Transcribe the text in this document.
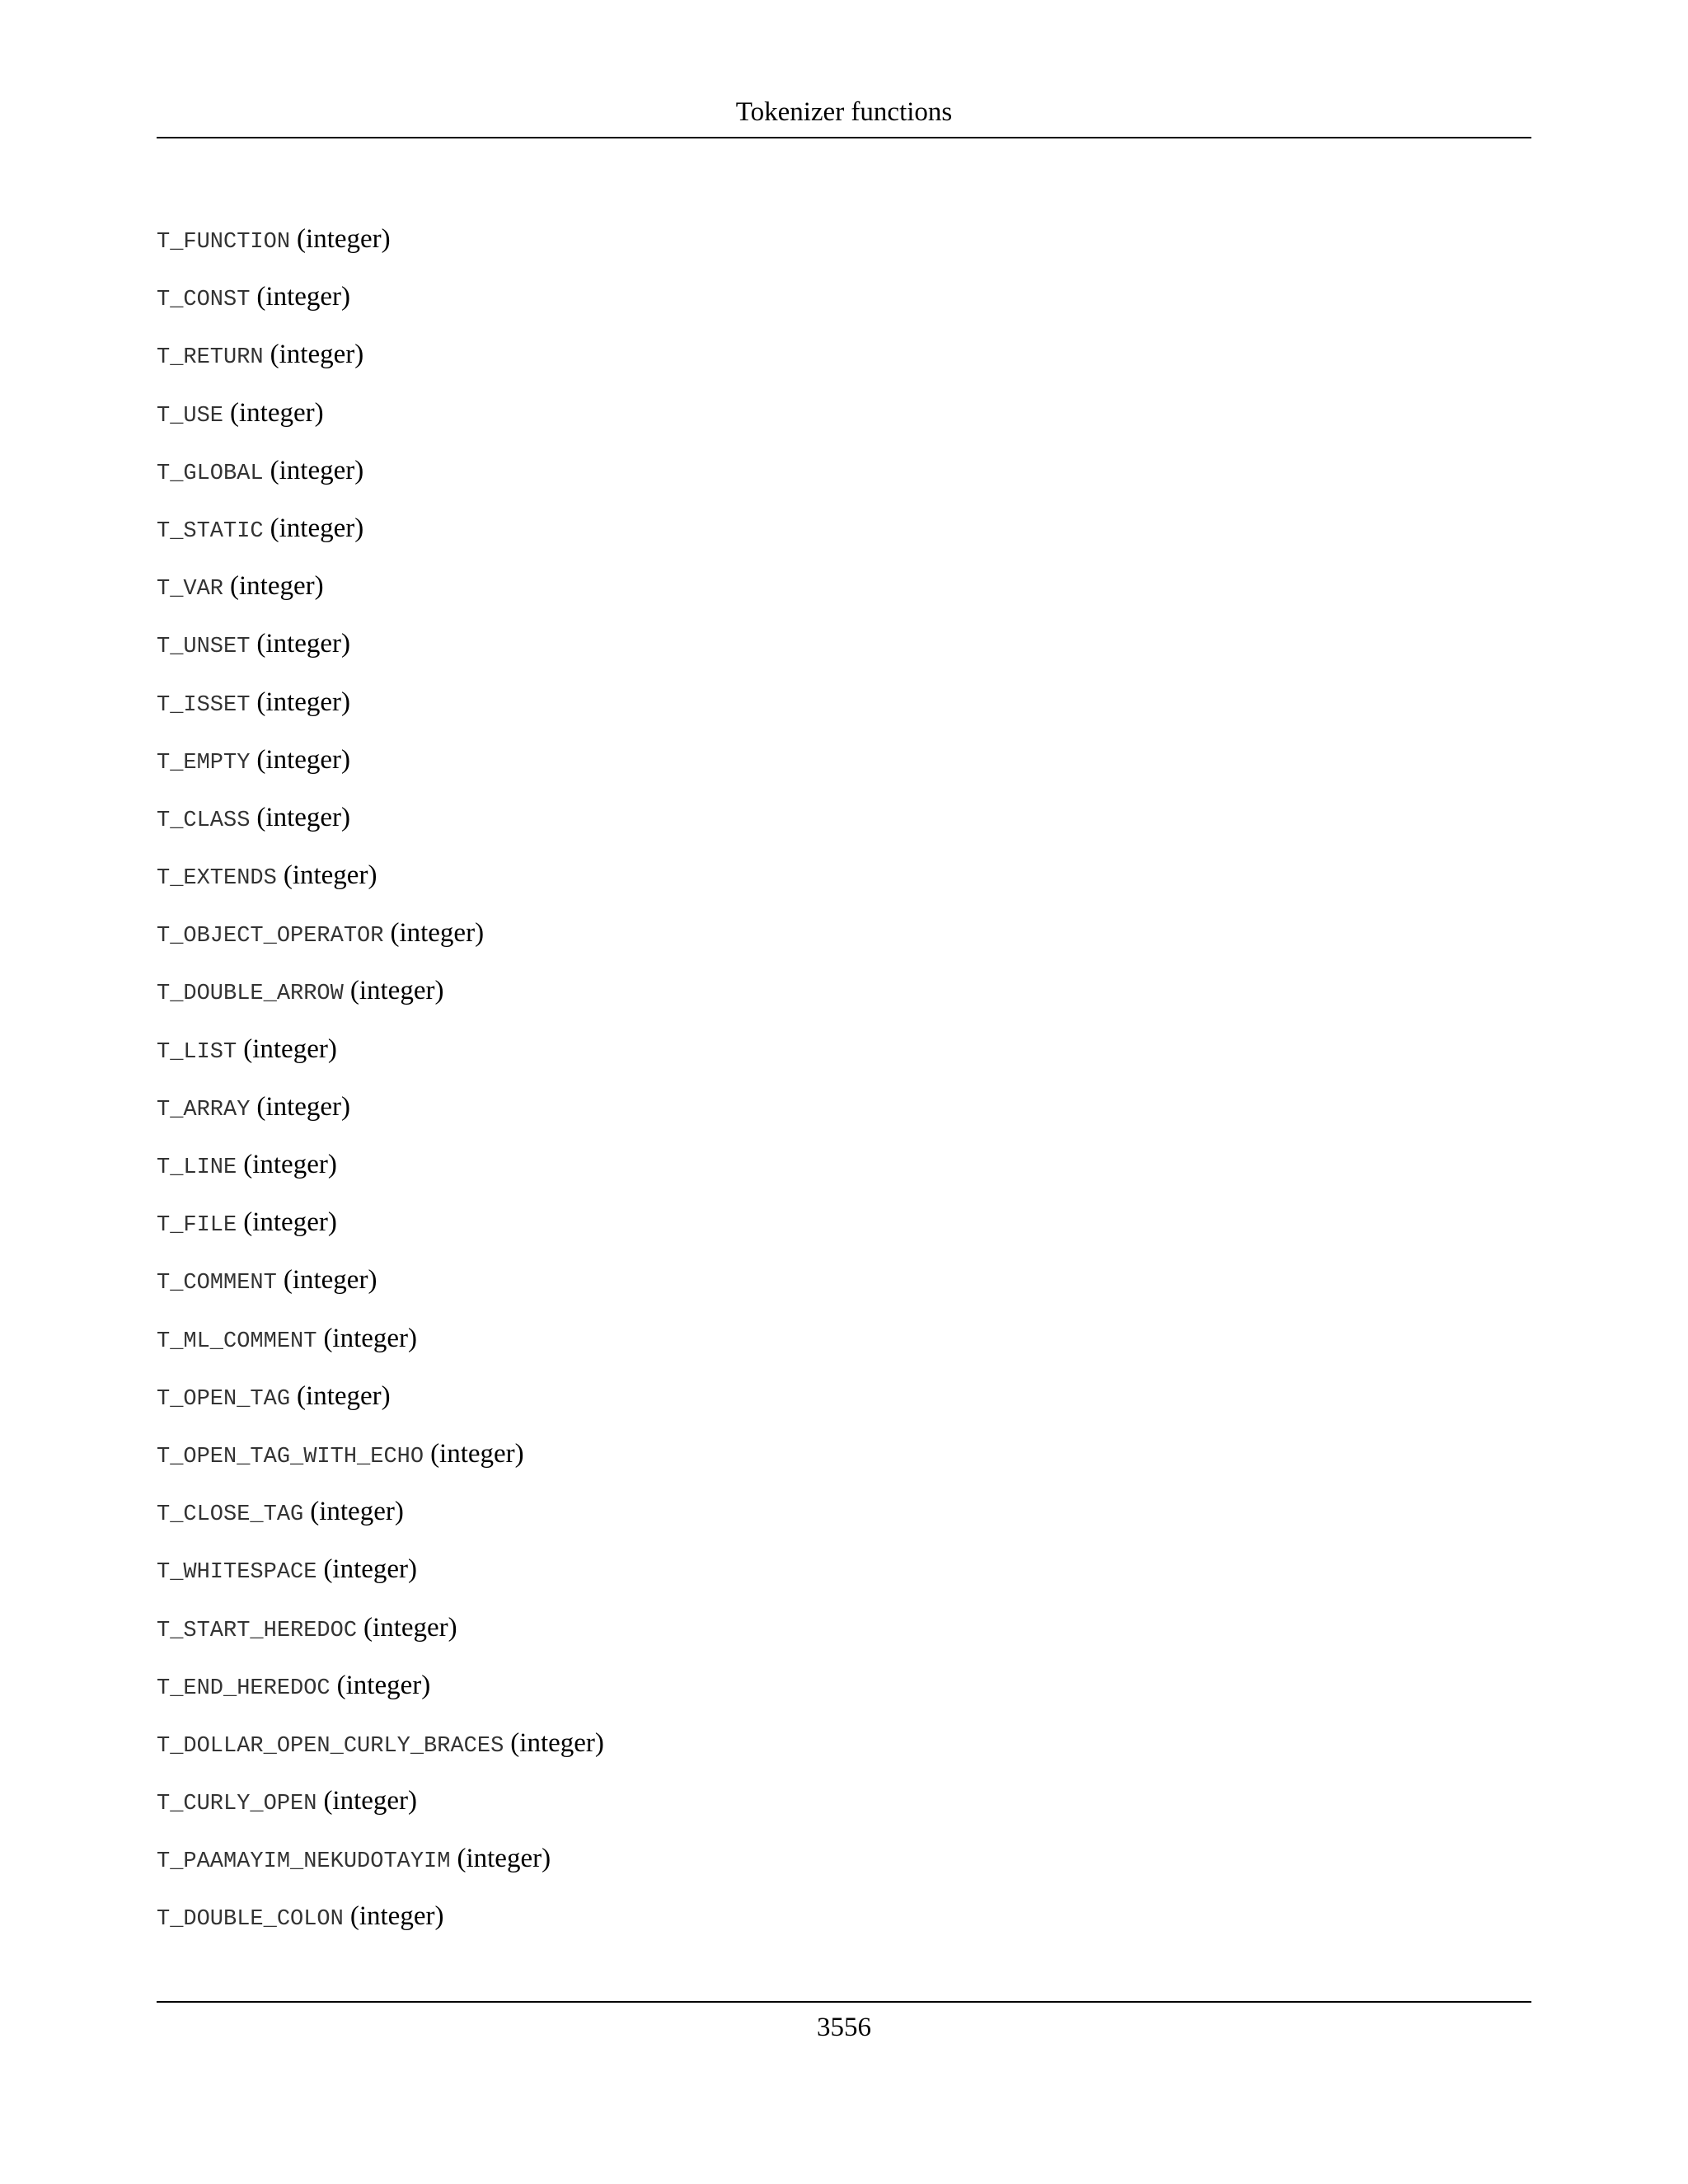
Tokenizer functions
T_FUNCTION (integer)
T_CONST (integer)
T_RETURN (integer)
T_USE (integer)
T_GLOBAL (integer)
T_STATIC (integer)
T_VAR (integer)
T_UNSET (integer)
T_ISSET (integer)
T_EMPTY (integer)
T_CLASS (integer)
T_EXTENDS (integer)
T_OBJECT_OPERATOR (integer)
T_DOUBLE_ARROW (integer)
T_LIST (integer)
T_ARRAY (integer)
T_LINE (integer)
T_FILE (integer)
T_COMMENT (integer)
T_ML_COMMENT (integer)
T_OPEN_TAG (integer)
T_OPEN_TAG_WITH_ECHO (integer)
T_CLOSE_TAG (integer)
T_WHITESPACE (integer)
T_START_HEREDOC (integer)
T_END_HEREDOC (integer)
T_DOLLAR_OPEN_CURLY_BRACES (integer)
T_CURLY_OPEN (integer)
T_PAAMAYIM_NEKUDOTAYIM (integer)
T_DOUBLE_COLON (integer)
3556
